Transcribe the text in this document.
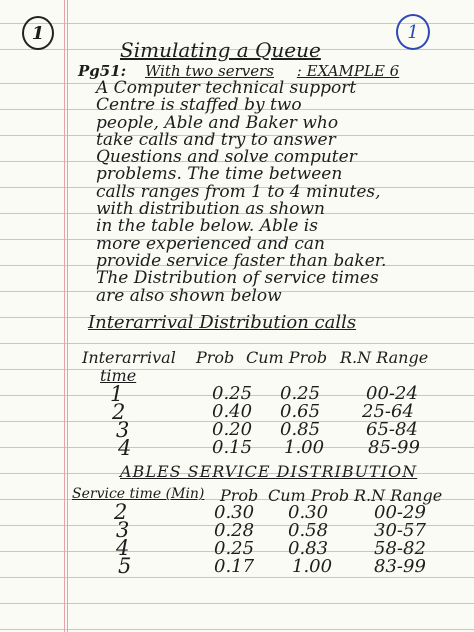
1	1
Simulating a Queue
Pg51: With two servers : EXAMPLE 6
A Computer technical support
Centre is staffed by two
people, Able and Baker who
take calls and try to answer
Questions and solve computer
problems. The time between
calls ranges from 1 to 4 minutes,
with distribution as shown
in the table below. Able is
more experienced and can
provide service faster than baker.
The Distribution of service times
are also shown below
Interarrival Distribution calls
Interarrival
time
Prob Cum Prob R.N Range
1	0.25 0.25	00-24
2	0.40 0.65 25-64
3	0.20 0.85	65-84
4	0.15 1.00 85-99
ABLES SERVICE DISTRIBUTION
Service time (Min) Prob Cum Prob R.N Range
2	0.30 0.30	00-29
3	0.28 0.58	30-57
4	0.25 0.83	58-82
5	0.17 1.00 83-99
